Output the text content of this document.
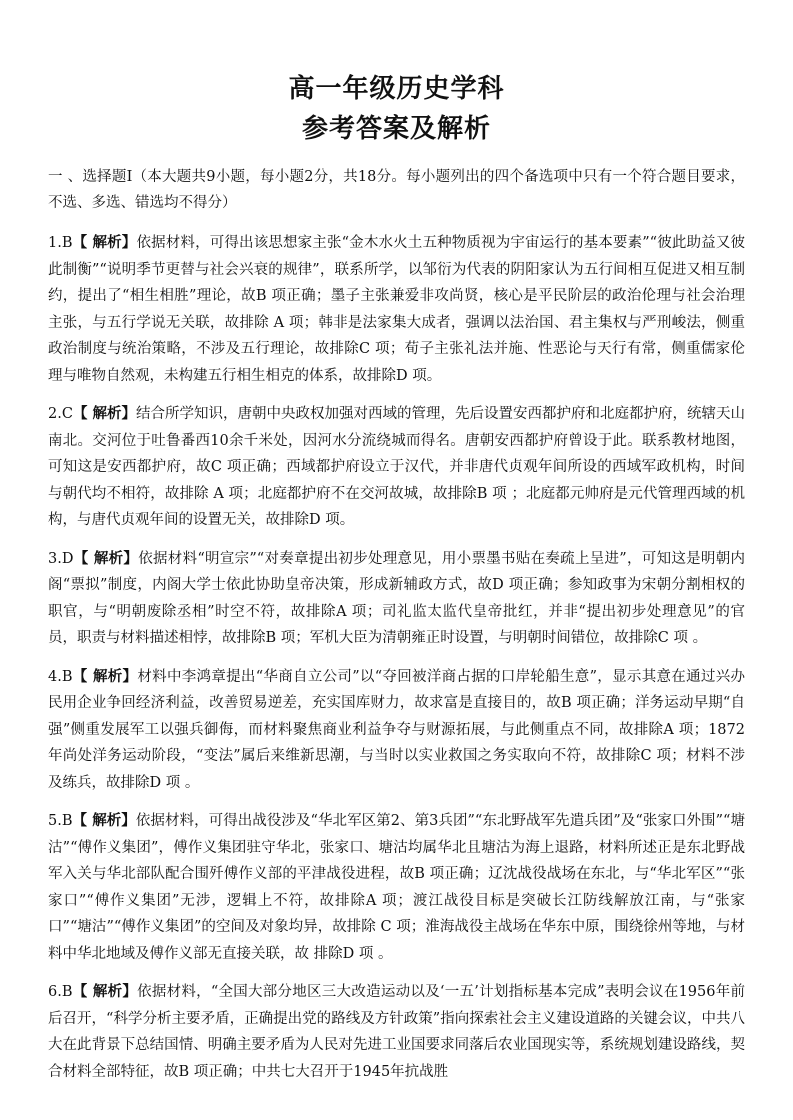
高一年级历史学科
参考答案及解析

一 、选择题I（本大题共9小题，每小题2分，共18分。每小题列出的四个备选项中只有一个符合题目要求，不选、多选、错选均不得分）

1.B【 解析】依据材料，可得出该思想家主张“金木水火土五种物质视为宇宙运行的基本要素”“彼此助益又彼此制衡”“说明季节更替与社会兴衰的规律”，联系所学，以邹衍为代表的阴阳家认为五行间相互促进又相互制约，提出了“相生相胜”理论，故B 项正确；墨子主张兼爱非攻尚贤，核心是平民阶层的政治伦理与社会治理主张，与五行学说无关联，故排除 A 项；韩非是法家集大成者，强调以法治国、君主集权与严刑峻法，侧重政治制度与统治策略，不涉及五行理论，故排除C 项；荀子主张礼法并施、性恶论与天行有常，侧重儒家伦理与唯物自然观，未构建五行相生相克的体系，故排除D 项。

2.C【 解析】结合所学知识，唐朝中央政权加强对西域的管理，先后设置安西都护府和北庭都护府，统辖天山南北。交河位于吐鲁番西10余千米处，因河水分流绕城而得名。唐朝安西都护府曾设于此。联系教材地图，可知这是安西都护府，故C 项正确；西域都护府设立于汉代，并非唐代贞观年间所设的西域军政机构，时间与朝代均不相符，故排除 A 项；北庭都护府不在交河故城，故排除B 项 ；北庭都元帅府是元代管理西域的机构，与唐代贞观年间的设置无关，故排除D 项。

3.D【 解析】依据材料“明宣宗”“对奏章提出初步处理意见，用小票墨书贴在奏疏上呈进”，可知这是明朝内阁“票拟”制度，内阁大学士依此协助皇帝决策，形成新辅政方式，故D 项正确；参知政事为宋朝分割相权的职官，与“明朝废除丞相”时空不符，故排除A 项；司礼监太监代皇帝批红，并非“提出初步处理意见”的官员，职责与材料描述相悖，故排除B 项；军机大臣为清朝雍正时设置，与明朝时间错位，故排除C 项 。

4.B【 解析】材料中李鸿章提出“华商自立公司”以“夺回被洋商占据的口岸轮船生意”，显示其意在通过兴办民用企业争回经济利益，改善贸易逆差，充实国库财力，故求富是直接目的，故B 项正确；洋务运动早期“自强”侧重发展军工以强兵御侮，而材料聚焦商业利益争夺与财源拓展，与此侧重点不同，故排除A 项；1872年尚处洋务运动阶段，“变法”属后来维新思潮，与当时以实业救国之务实取向不符，故排除C 项；材料不涉及练兵，故排除D 项 。

5.B【 解析】依据材料，可得出战役涉及“华北军区第2、第3兵团”“东北野战军先遣兵团”及“张家口外围”“塘沽”“傅作义集团”，傅作义集团驻守华北，张家口、塘沽均属华北且塘沽为海上退路，材料所述正是东北野战军入关与华北部队配合围歼傅作义部的平津战役进程，故B 项正确；辽沈战役战场在东北，与“华北军区”“张家口”“傅作义集团”无涉，逻辑上不符，故排除A 项；渡江战役目标是突破长江防线解放江南，与“张家口”“塘沽”“傅作义集团”的空间及对象均异，故排除 C 项；淮海战役主战场在华东中原，围绕徐州等地，与材料中华北地域及傅作义部无直接关联，故 排除D 项 。

6.B【 解析】依据材料，“全国大部分地区三大改造运动以及‘一五’计划指标基本完成”表明会议在1956年前后召开，“科学分析主要矛盾，正确提出党的路线及方针政策”指向探索社会主义建设道路的关键会议，中共八大在此背景下总结国情、明确主要矛盾为人民对先进工业国要求同落后农业国现实等，系统规划建设路线，契合材料全部特征，故B 项正确；中共七大召开于1945年抗战胜
